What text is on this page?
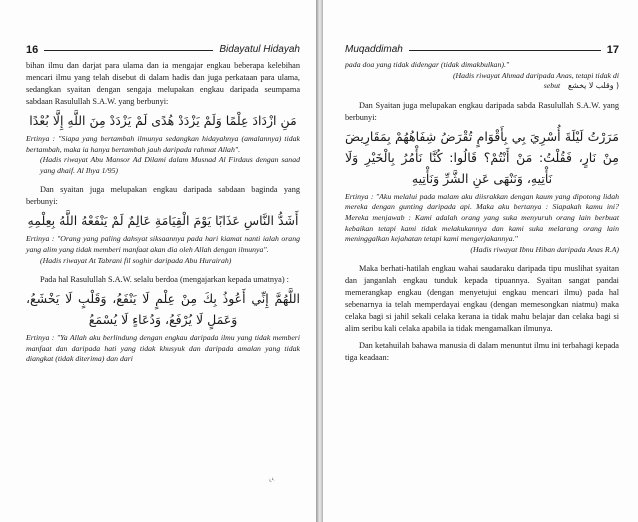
16	Bidayatul Hidayah

bihan ilmu dan darjat para ulama dan ia mengajar engkau beberapa kelebihan mencari ilmu yang telah disebut di dalam hadis dan juga perkataan para ulama, sedangkan syaitan dengan sengaja melupakan engkau daripada seumpama sabdaan Rasulullah S.A.W. yang berbunyi:

مَنِ ازْدَادَ عِلْمًا وَلَمْ يَزْدَدْ هُدًى لَمْ يَزْدَدْ مِنَ اللَّهِ إِلَّا بُعْدًا

Ertinya : "Siapa yang bertambah ilmunya sedangkan hidayahnya (amalannya) tidak bertambah, maka ia hanya bertambah jauh daripada rahmat Allah".

(Hadis riwayat Abu Mansor Ad Dilami dalam Musnad Al Firdaus dengan sanad yang dhaif. Al Ihya 1/95)

Dan syaitan juga melupakan engkau daripada sabdaan baginda yang berbunyi:

أَشَدُّ النَّاسِ عَذَابًا يَوْمَ الْقِيَامَةِ عَالِمٌ لَمْ يَنْفَعْهُ اللَّهُ بِعِلْمِهِ

Ertinya : "Orang yang paling dahsyat siksaannya pada hari kiamat nanti ialah orang yang alim yang tidak memberi manfaat akan dia oleh Allah dengan ilmunya".

(Hadis riwayat At Tabrani fil soghir daripada Abu Hurairah)

Pada hal Rasulullah S.A.W. selalu berdoa (mengajarkan kepada umatnya) :

اللَّهُمَّ إِنِّي أَعُوذُ بِكَ مِنْ عِلْمٍ لَا يَنْفَعُ، وَقَلْبٍ لَا يَخْشَعُ، وَعَمَلٍ لَا يُرْفَعُ، وَدُعَاءٍ لَا يُسْمَعُ

Ertinya : "Ya Allah aku berlindung dengan engkau daripada ilmu yang tidak memberi manfaat dan daripada hati yang tidak khusyuk dan daripada amalan yang tidak diangkat (tidak diterima) dan dari

Muqaddimah	17

pada doa yang tidak didengar (tidak dimakbulkan)."

(Hadis riwayat Ahmad daripada Anas, tetapi tidak di

sebut ( وقلب لا يخشع

Dan Syaitan juga melupakan engkau daripada sabda Rasulullah S.A.W. yang berbunyi:

مَرَرْتُ لَيْلَةَ أُسْرِيَ بِي بِأَقْوَامٍ تُقْرَضُ شِفَاهُهُمْ بِمَقَارِيضَ مِنْ نَارٍ، فَقُلْتُ: مَنْ أَنْتُمْ؟ قَالُوا: كُنَّا نَأْمُرُ بِالْخَيْرِ وَلَا نَأْتِيهِ، وَنَنْهَى عَنِ الشَّرِّ وَنَأْتِيهِ

Ertinya : "Aku melalui pada malam aku diisrakkan dengan kaum yang dipotong lidah mereka dengan gunting daripada api. Maka aku bertanya : Siapakah kamu ini? Mereka menjawab : Kami adalah orang yang suka menyuruh orang lain berbuat kebaikan tetapi kami tidak melakukannya dan kami suka melarang orang lain meninggalkan kejahatan tetapi kami mengerjakannya."

(Hadis riwayat Ibnu Hiban daripada Anas R.A)

Maka berhati-hatilah engkau wahai saudaraku daripada tipu muslihat syaitan dan janganlah engkau tunduk kepada tipuannya. Syaitan sangat pandai memerangkap engkau (dengan menyetujui engkau mencari ilmu) pada hal sebenarnya ia telah memperdayai engkau (dengan memesongkan niatmu) maka celaka bagi si jahil sekali celaka kerana ia tidak mahu belajar dan celaka bagi si alim seribu kali celaka apabila ia tidak mengamalkan ilmunya.

Dan ketahuilah bahawa manusia di dalam menuntut ilmu ini terbahagi kepada tiga keadaan:

‹‹
